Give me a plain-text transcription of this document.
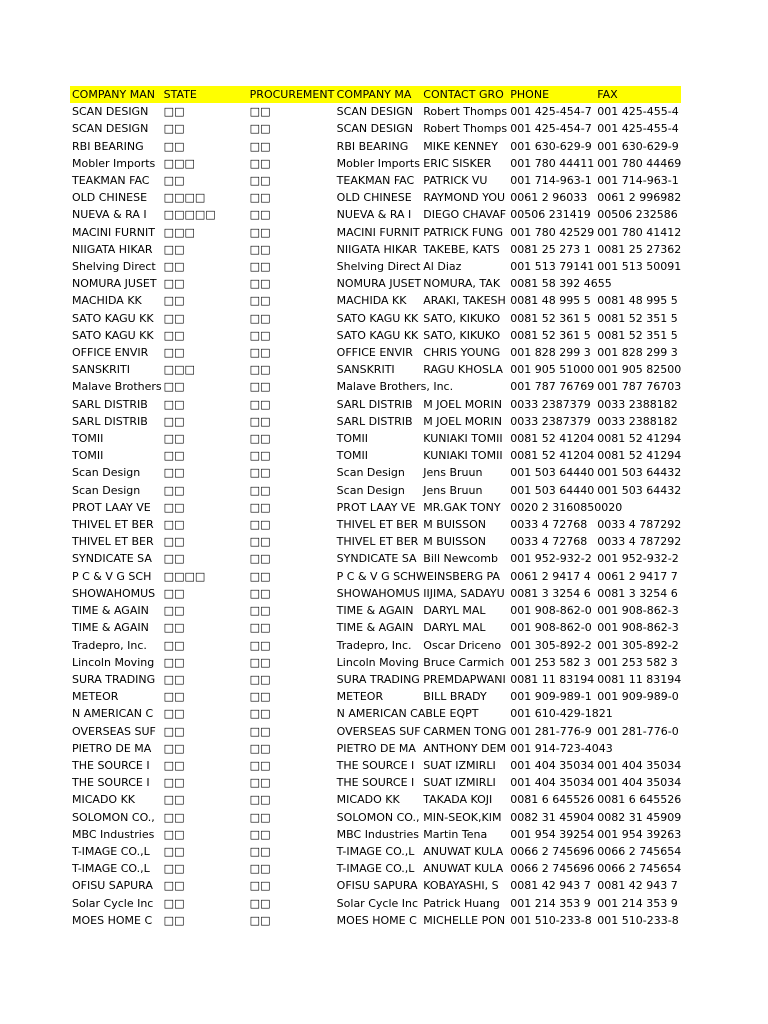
COMPANY MAN	STATE	PROCUREMENT	COMPANY MA	CONTACT GRO	PHONE	FAX
SCAN DESIGN	□□	□□	SCAN DESIGN	Robert Thomps	001 425-454-7	001 425-455-4
SCAN DESIGN	□□	□□	SCAN DESIGN	Robert Thomps	001 425-454-7	001 425-455-4
RBI BEARING	□□	□□	RBI BEARING	MIKE KENNEY	001 630-629-9	001 630-629-9
Mobler Imports	□□□	□□	Mobler Imports	ERIC SISKER	001 780 44411	001 780 44469
TEAKMAN FAC	□□	□□	TEAKMAN FAC	PATRICK VU	001 714-963-1	001 714-963-1
OLD CHINESE	□□□□	□□	OLD CHINESE	RAYMOND YOU	0061 2 96033	0061 2 996982
NUEVA & RA I	□□□□□	□□	NUEVA & RA I	DIEGO CHAVAF	00506 231419	00506 232586
MACINI FURNIT	□□□	□□	MACINI FURNIT	PATRICK FUNG	001 780 42529	001 780 41412
NIIGATA HIKAR	□□	□□	NIIGATA HIKAR	TAKEBE, KATS	0081 25 273 1	0081 25 27362
Shelving Direct	□□	□□	Shelving Direct	Al Diaz	001 513 79141	001 513 50091
NOMURA JUSET	□□	□□	NOMURA JUSET	NOMURA, TAK	0081 58 392 4655	
MACHIDA KK	□□	□□	MACHIDA KK	ARAKI, TAKESH	0081 48 995 5	0081 48 995 5
SATO KAGU KK	□□	□□	SATO KAGU KK	SATO, KIKUKO	0081 52 361 5	0081 52 351 5
SATO KAGU KK	□□	□□	SATO KAGU KK	SATO, KIKUKO	0081 52 361 5	0081 52 351 5
OFFICE ENVIR	□□	□□	OFFICE ENVIR	CHRIS YOUNG	001 828 299 3	001 828 299 3
SANSKRITI	□□□	□□	SANSKRITI	RAGU KHOSLA	001 905 51000	001 905 82500
Malave Brothers	□□	□□	Malave Brothers, Inc.		001 787 76769	001 787 76703
SARL DISTRIB	□□	□□	SARL DISTRIB	M JOEL MORIN	0033 2387379	0033 2388182
SARL DISTRIB	□□	□□	SARL DISTRIB	M JOEL MORIN	0033 2387379	0033 2388182
TOMII	□□	□□	TOMII	KUNIAKI TOMII	0081 52 41204	0081 52 41294
TOMII	□□	□□	TOMII	KUNIAKI TOMII	0081 52 41204	0081 52 41294
Scan Design	□□	□□	Scan Design	Jens Bruun	001 503 64440	001 503 64432
Scan Design	□□	□□	Scan Design	Jens Bruun	001 503 64440	001 503 64432
PROT LAAY VE	□□	□□	PROT LAAY VE	MR.GAK TONY	0020 2 3160850020	
THIVEL ET BER	□□	□□	THIVEL ET BER	M BUISSON	0033 4 72768	0033 4 787292
THIVEL ET BER	□□	□□	THIVEL ET BER	M BUISSON	0033 4 72768	0033 4 787292
SYNDICATE SA	□□	□□	SYNDICATE SA	Bill Newcomb	001 952-932-2	001 952-932-2
P C & V G SCH	□□□□	□□	P C & V G SCHWEINSBERG PA		0061 2 9417 4	0061 2 9417 7
SHOWAHOMUS	□□	□□	SHOWAHOMUS	IIJIMA, SADAYU	0081 3 3254 6	0081 3 3254 6
TIME & AGAIN	□□	□□	TIME & AGAIN	DARYL MAL	001 908-862-0	001 908-862-3
TIME & AGAIN	□□	□□	TIME & AGAIN	DARYL MAL	001 908-862-0	001 908-862-3
Tradepro, Inc.	□□	□□	Tradepro, Inc.	Oscar Driceno	001 305-892-2	001 305-892-2
Lincoln Moving	□□	□□	Lincoln Moving	Bruce Carmich	001 253 582 3	001 253 582 3
SURA TRADING	□□	□□	SURA TRADING	PREMDAPWANI	0081 11 83194	0081 11 83194
METEOR	□□	□□	METEOR	BILL BRADY	001 909-989-1	001 909-989-0
N AMERICAN C	□□	□□	N AMERICAN CABLE EQPT		001 610-429-1821	
OVERSEAS SUF	□□	□□	OVERSEAS SUF	CARMEN TONG	001 281-776-9	001 281-776-0
PIETRO DE MA	□□	□□	PIETRO DE MA	ANTHONY DEM	001 914-723-4043	
THE SOURCE I	□□	□□	THE SOURCE I	SUAT IZMIRLI	001 404 35034	001 404 35034
THE SOURCE I	□□	□□	THE SOURCE I	SUAT IZMIRLI	001 404 35034	001 404 35034
MICADO KK	□□	□□	MICADO KK	TAKADA KOJI	0081 6 645526	0081 6 645526
SOLOMON CO.,	□□	□□	SOLOMON CO.,	MIN-SEOK,KIM	0082 31 45904	0082 31 45909
MBC Industries	□□	□□	MBC Industries	Martin Tena	001 954 39254	001 954 39263
T-IMAGE CO.,L	□□	□□	T-IMAGE CO.,L	ANUWAT KULA	0066 2 745696	0066 2 745654
T-IMAGE CO.,L	□□	□□	T-IMAGE CO.,L	ANUWAT KULA	0066 2 745696	0066 2 745654
OFISU SAPURA	□□	□□	OFISU SAPURA	KOBAYASHI, S	0081 42 943 7	0081 42 943 7
Solar Cycle Inc	□□	□□	Solar Cycle Inc	Patrick Huang	001 214 353 9	001 214 353 9
MOES HOME C	□□	□□	MOES HOME C	MICHELLE PON	001 510-233-8	001 510-233-8
